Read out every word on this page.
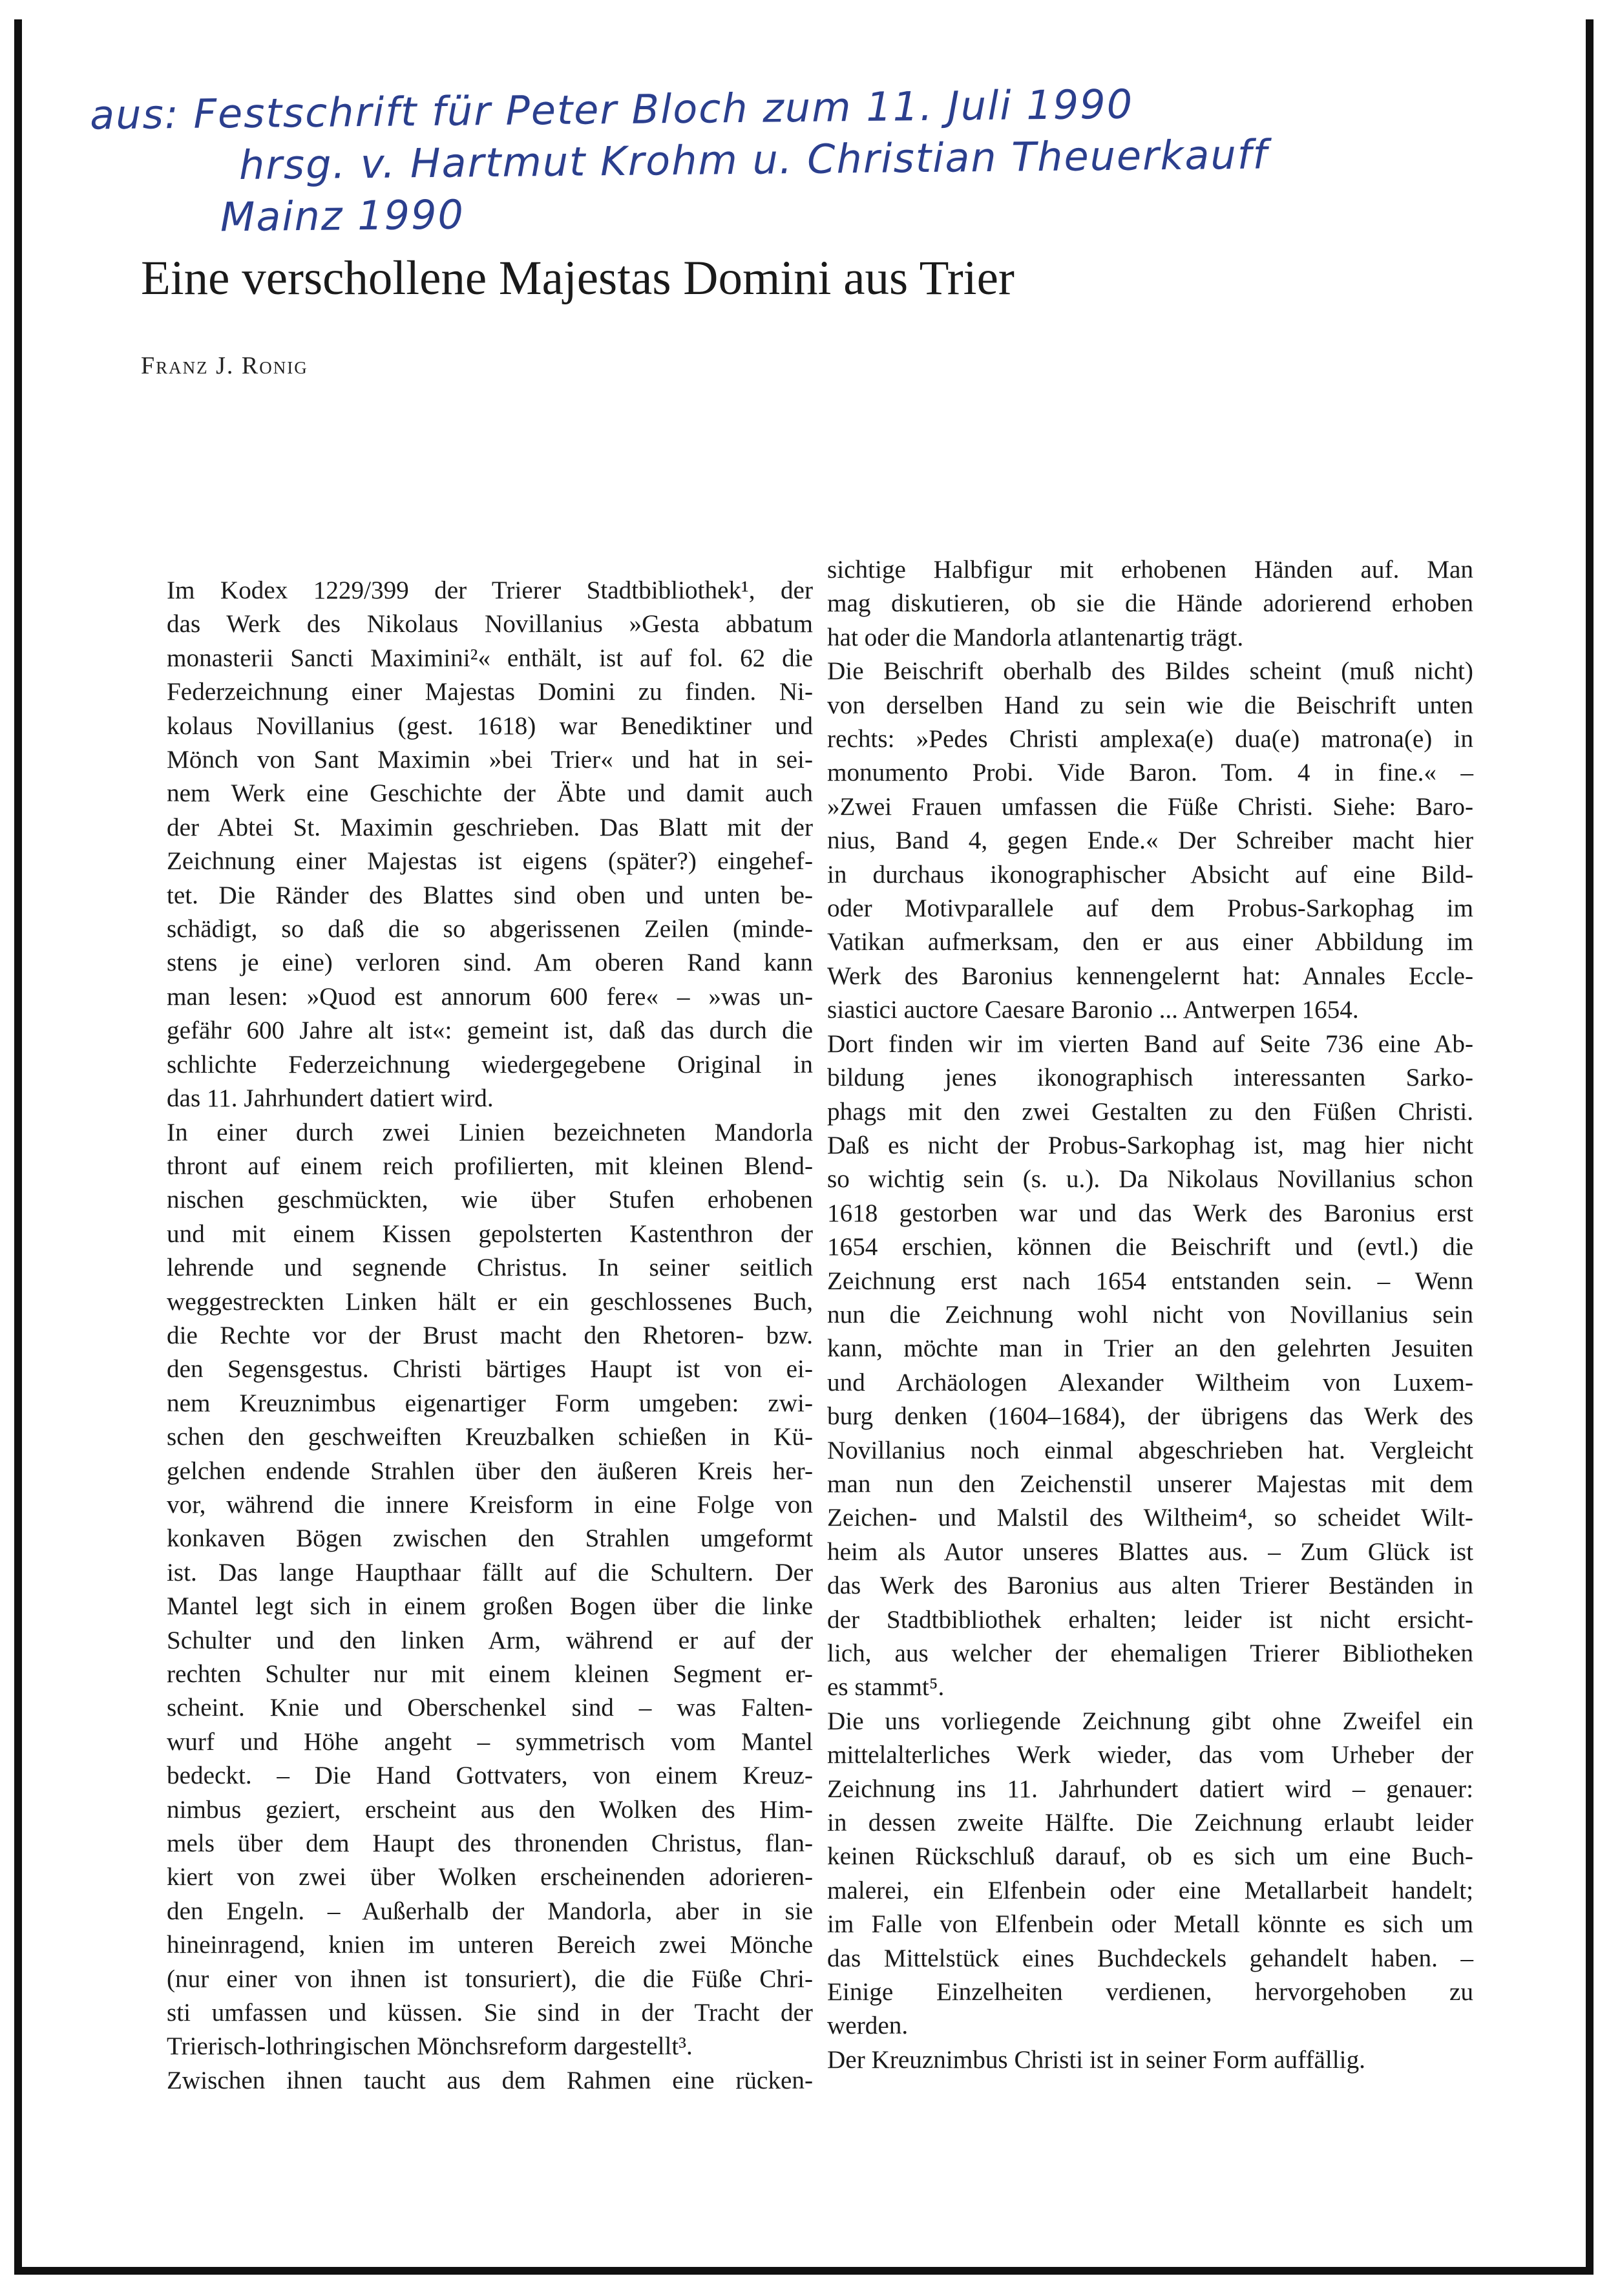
aus: Festschrift für Peter Bloch zum 11. Juli 1990
hrsg. v. Hartmut Krohm u. Christian Theuerkauff
Mainz 1990
Eine verschollene Majestas Domini aus Trier
Franz J. Ronig
Im Kodex 1229/399 der Trierer Stadtbibliothek¹, der
das Werk des Nikolaus Novillanius »Gesta abbatum
monasterii Sancti Maximini²« enthält, ist auf fol. 62 die
Federzeichnung einer Majestas Domini zu finden. Ni-
kolaus Novillanius (gest. 1618) war Benediktiner und
Mönch von Sant Maximin »bei Trier« und hat in sei-
nem Werk eine Geschichte der Äbte und damit auch
der Abtei St. Maximin geschrieben. Das Blatt mit der
Zeichnung einer Majestas ist eigens (später?) eingehef-
tet. Die Ränder des Blattes sind oben und unten be-
schädigt, so daß die so abgerissenen Zeilen (minde-
stens je eine) verloren sind. Am oberen Rand kann
man lesen: »Quod est annorum 600 fere« – »was un-
gefähr 600 Jahre alt ist«: gemeint ist, daß das durch die
schlichte Federzeichnung wiedergegebene Original in
das 11. Jahrhundert datiert wird.
In einer durch zwei Linien bezeichneten Mandorla
thront auf einem reich profilierten, mit kleinen Blend-
nischen geschmückten, wie über Stufen erhobenen
und mit einem Kissen gepolsterten Kastenthron der
lehrende und segnende Christus. In seiner seitlich
weggestreckten Linken hält er ein geschlossenes Buch,
die Rechte vor der Brust macht den Rhetoren- bzw.
den Segensgestus. Christi bärtiges Haupt ist von ei-
nem Kreuznimbus eigenartiger Form umgeben: zwi-
schen den geschweiften Kreuzbalken schießen in Kü-
gelchen endende Strahlen über den äußeren Kreis her-
vor, während die innere Kreisform in eine Folge von
konkaven Bögen zwischen den Strahlen umgeformt
ist. Das lange Haupthaar fällt auf die Schultern. Der
Mantel legt sich in einem großen Bogen über die linke
Schulter und den linken Arm, während er auf der
rechten Schulter nur mit einem kleinen Segment er-
scheint. Knie und Oberschenkel sind – was Falten-
wurf und Höhe angeht – symmetrisch vom Mantel
bedeckt. – Die Hand Gottvaters, von einem Kreuz-
nimbus geziert, erscheint aus den Wolken des Him-
mels über dem Haupt des thronenden Christus, flan-
kiert von zwei über Wolken erscheinenden adorieren-
den Engeln. – Außerhalb der Mandorla, aber in sie
hineinragend, knien im unteren Bereich zwei Mönche
(nur einer von ihnen ist tonsuriert), die die Füße Chri-
sti umfassen und küssen. Sie sind in der Tracht der
Trierisch-lothringischen Mönchsreform dargestellt³.
Zwischen ihnen taucht aus dem Rahmen eine rücken-
sichtige Halbfigur mit erhobenen Händen auf. Man
mag diskutieren, ob sie die Hände adorierend erhoben
hat oder die Mandorla atlantenartig trägt.
Die Beischrift oberhalb des Bildes scheint (muß nicht)
von derselben Hand zu sein wie die Beischrift unten
rechts: »Pedes Christi amplexa(e) dua(e) matrona(e) in
monumento Probi. Vide Baron. Tom. 4 in fine.« –
»Zwei Frauen umfassen die Füße Christi. Siehe: Baro-
nius, Band 4, gegen Ende.« Der Schreiber macht hier
in durchaus ikonographischer Absicht auf eine Bild-
oder Motivparallele auf dem Probus-Sarkophag im
Vatikan aufmerksam, den er aus einer Abbildung im
Werk des Baronius kennengelernt hat: Annales Eccle-
siastici auctore Caesare Baronio ... Antwerpen 1654.
Dort finden wir im vierten Band auf Seite 736 eine Ab-
bildung jenes ikonographisch interessanten Sarko-
phags mit den zwei Gestalten zu den Füßen Christi.
Daß es nicht der Probus-Sarkophag ist, mag hier nicht
so wichtig sein (s. u.). Da Nikolaus Novillanius schon
1618 gestorben war und das Werk des Baronius erst
1654 erschien, können die Beischrift und (evtl.) die
Zeichnung erst nach 1654 entstanden sein. – Wenn
nun die Zeichnung wohl nicht von Novillanius sein
kann, möchte man in Trier an den gelehrten Jesuiten
und Archäologen Alexander Wiltheim von Luxem-
burg denken (1604–1684), der übrigens das Werk des
Novillanius noch einmal abgeschrieben hat. Vergleicht
man nun den Zeichenstil unserer Majestas mit dem
Zeichen- und Malstil des Wiltheim⁴, so scheidet Wilt-
heim als Autor unseres Blattes aus. – Zum Glück ist
das Werk des Baronius aus alten Trierer Beständen in
der Stadtbibliothek erhalten; leider ist nicht ersicht-
lich, aus welcher der ehemaligen Trierer Bibliotheken
es stammt⁵.
Die uns vorliegende Zeichnung gibt ohne Zweifel ein
mittelalterliches Werk wieder, das vom Urheber der
Zeichnung ins 11. Jahrhundert datiert wird – genauer:
in dessen zweite Hälfte. Die Zeichnung erlaubt leider
keinen Rückschluß darauf, ob es sich um eine Buch-
malerei, ein Elfenbein oder eine Metallarbeit handelt;
im Falle von Elfenbein oder Metall könnte es sich um
das Mittelstück eines Buchdeckels gehandelt haben. –
Einige Einzelheiten verdienen, hervorgehoben zu
werden.
Der Kreuznimbus Christi ist in seiner Form auffällig.
